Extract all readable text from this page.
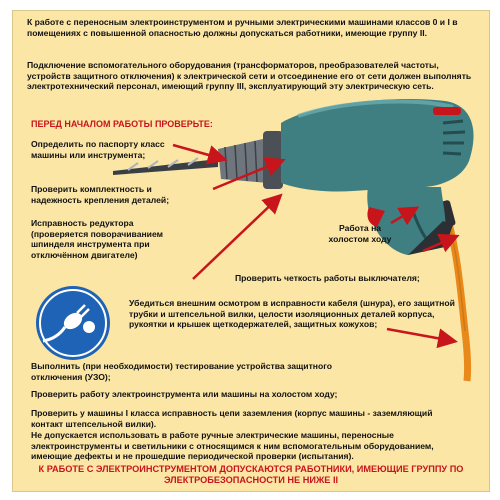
К работе с переносным электроинструментом и ручными электрическими машинами классов 0 и I в помещениях с повышенной опасностью должны допускаться работники, имеющие группу II.
Подключение вспомогательного оборудования (трансформаторов, преобразователей частоты, устройств защитного отключения) к электрической сети и отсоединение его от сети должен выполнять электротехнический персонал, имеющий группу III, эксплуатирующий эту электрическую сеть.
ПЕРЕД НАЧАЛОМ РАБОТЫ ПРОВЕРЬТЕ:
Определить по паспорту класс машины или инструмента;
Проверить комплектность и надежность крепления деталей;
Исправность редуктора (проверяется поворачиванием шпинделя инструмента при отключённом двигателе)
Работа на холостом ходу
Проверить четкость работы выключателя;
Убедиться внешним осмотром в исправности кабеля (шнура), его защитной трубки и штепсельной вилки, целости изоляционных деталей корпуса, рукоятки и крышек щеткодержателей, защитных кожухов;
Выполнить (при необходимости) тестирование устройства защитного отключения (УЗО);
Проверить работу электроинструмента или машины на холостом ходу;
Проверить у машины I класса исправность цепи заземления (корпус машины - заземляющий контакт штепсельной вилки).
Не допускается использовать в работе ручные электрические машины, переносные электроинструменты и светильники с относящимся к ним вспомогательным оборудованием, имеющие дефекты и не прошедшие периодической проверки (испытания).
К РАБОТЕ С ЭЛЕКТРОИНСТРУМЕНТОМ ДОПУСКАЮТСЯ РАБОТНИКИ, ИМЕЮЩИЕ ГРУППУ ПО ЭЛЕКТРОБЕЗОПАСНОСТИ НЕ НИЖЕ II
